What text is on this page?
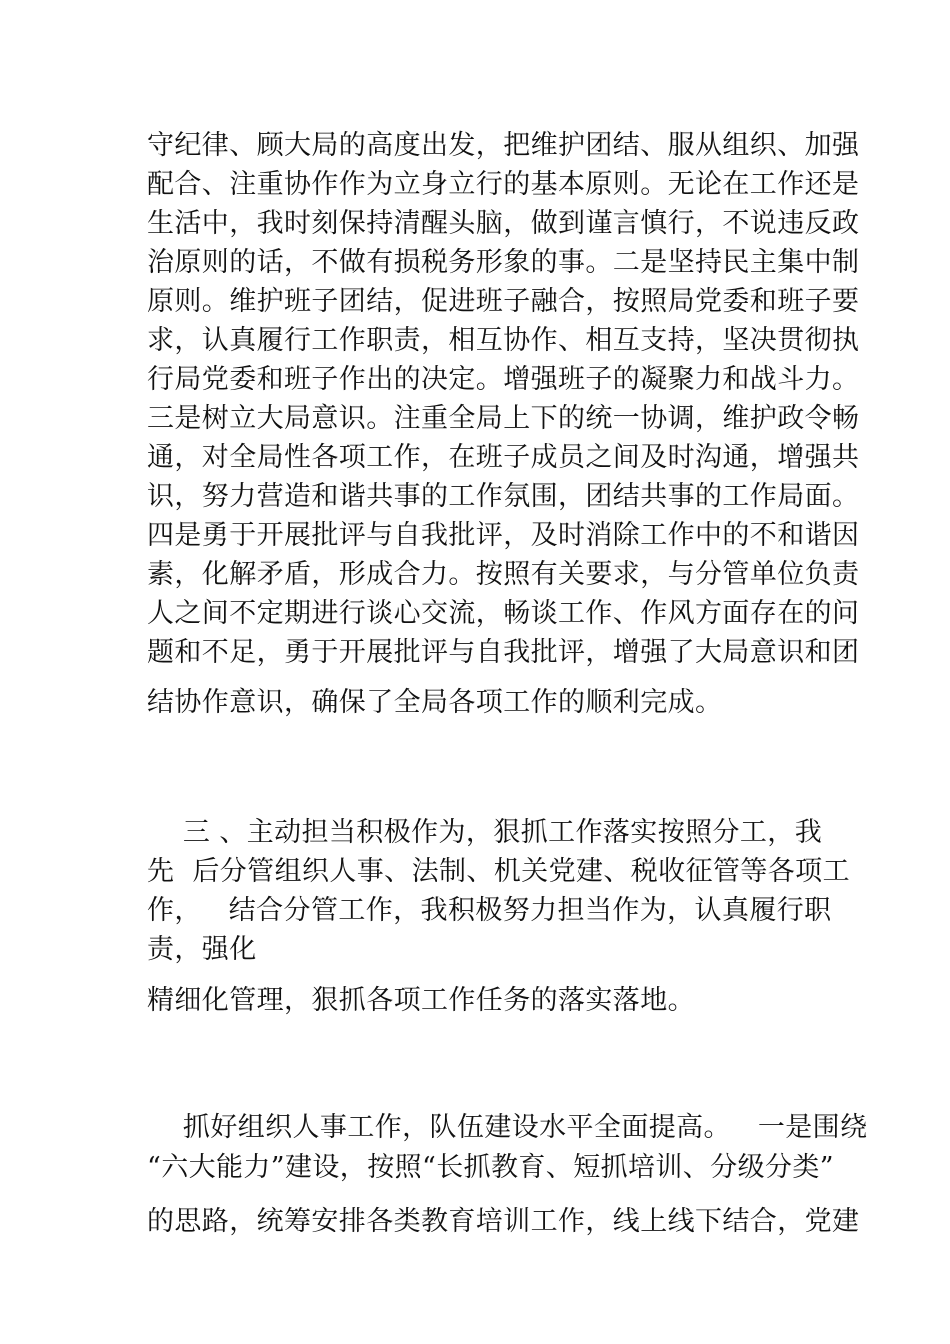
守纪律、顾大局的高度出发，把维护团结、服从组织、加强
配合、注重协作作为立身立行的基本原则。无论在工作还是
生活中，我时刻保持清醒头脑，做到谨言慎行，不说违反政
治原则的话，不做有损税务形象的事。二是坚持民主集中制
原则。维护班子团结，促进班子融合，按照局党委和班子要
求，认真履行工作职责，相互协作、相互支持，坚决贯彻执
行局党委和班子作出的决定。增强班子的凝聚力和战斗力。
三是树立大局意识。注重全局上下的统一协调，维护政令畅
通，对全局性各项工作，在班子成员之间及时沟通，增强共
识，努力营造和谐共事的工作氛围，团结共事的工作局面。
四是勇于开展批评与自我批评，及时消除工作中的不和谐因
素，化解矛盾，形成合力。按照有关要求，与分管单位负责
人之间不定期进行谈心交流，畅谈工作、作风方面存在的问
题和不足，勇于开展批评与自我批评，增强了大局意识和团
结协作意识，确保了全局各项工作的顺利完成。
三 、主动担当积极作为，狠抓工作落实按照分工，我
先  后分管组织人事、法制、机关党建、税收征管等各项工
作，   结合分管工作，我积极努力担当作为，认真履行职
责，强化
精细化管理，狠抓各项工作任务的落实落地。
抓好组织人事工作，队伍建设水平全面提高。   一是围绕
“六大能力”建设，按照“长抓教育、短抓培训、分级分类”
的思路，统筹安排各类教育培训工作，线上线下结合，党建
